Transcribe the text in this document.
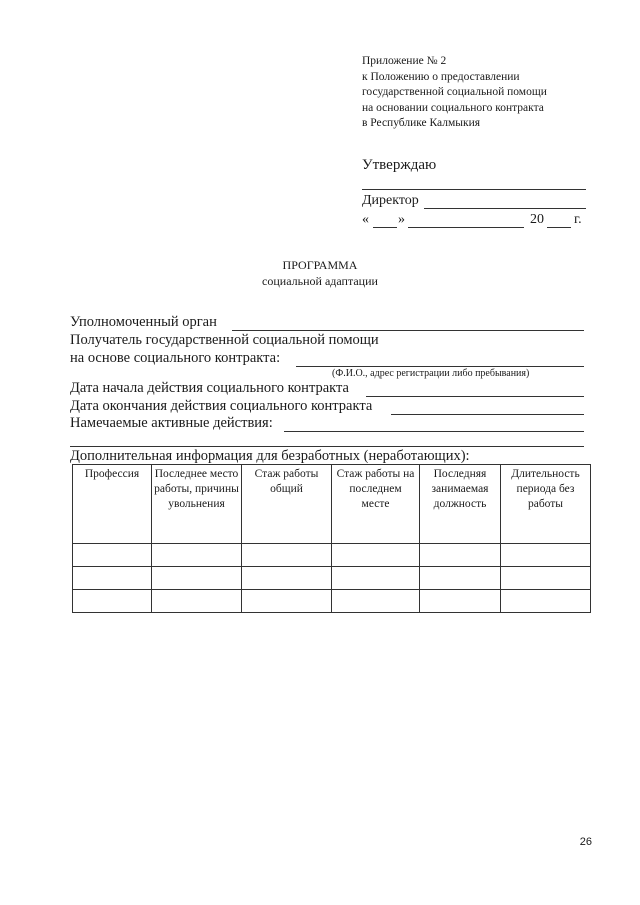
Приложение № 2
к Положению о предоставлении
государственной социальной помощи
на основании социального контракта
в Республике Калмыкия
Утверждаю
Директор
« »	20 г.
ПРОГРАММА
социальной адаптации
Уполномоченный орган
Получатель государственной социальной помощи
на основе социального контракта:
(Ф.И.О., адрес регистрации либо пребывания)
Дата начала действия социального контракта
Дата окончания действия социального контракта
Намечаемые активные действия:
Дополнительная информация для безработных (неработающих):
Профессия	Последнее место работы, причины увольнения	Стаж работы общий	Стаж работы на последнем месте	Последняя занимаемая должность	Длительность периода без работы

26
